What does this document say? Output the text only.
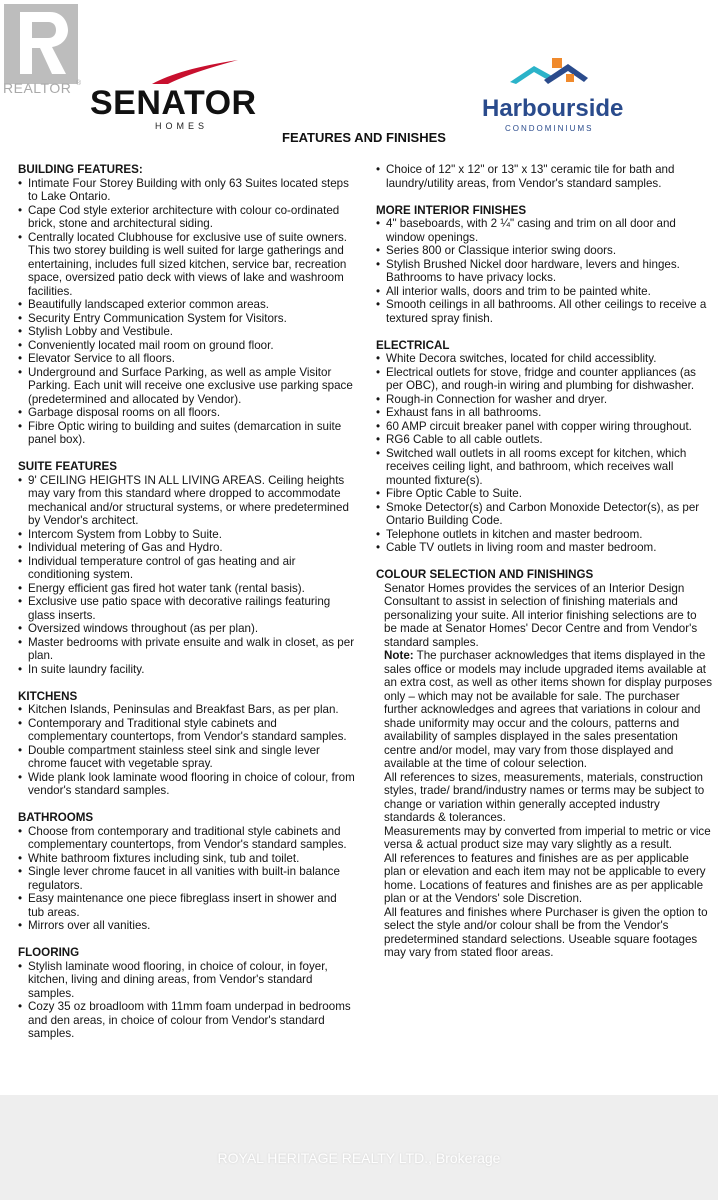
REALTOR ®
SENATOR
HOMES
Harbourside
CONDOMINIUMS
FEATURES AND FINISHES

BUILDING FEATURES:

• Intimate Four Storey Building with only 63 Suites located steps to Lake Ontario.
• Cape Cod style exterior architecture with colour co-ordinated brick, stone and architectural siding.
• Centrally located Clubhouse for exclusive use of suite owners. This two storey building is well suited for large gatherings and entertaining, includes full sized kitchen, service bar, recreation space, oversized patio deck with views of lake and washroom facilities.
• Beautifully landscaped exterior common areas.
• Security Entry Communication System for Visitors.
• Stylish Lobby and Vestibule.
• Conveniently located mail room on ground floor.
• Elevator Service to all floors.
• Underground and Surface Parking, as well as ample Visitor Parking. Each unit will receive one exclusive use parking space (predetermined and allocated by Vendor).
• Garbage disposal rooms on all floors.
• Fibre Optic wiring to building and suites (demarcation in suite panel box).

SUITE FEATURES

• 9' CEILING HEIGHTS IN ALL LIVING AREAS. Ceiling heights may vary from this standard where dropped to accommodate mechanical and/or structural systems, or where predetermined by Vendor's architect.
• Intercom System from Lobby to Suite.
• Individual metering of Gas and Hydro.
• Individual temperature control of gas heating and air conditioning system.
• Energy efficient gas fired hot water tank (rental basis).
• Exclusive use patio space with decorative railings featuring glass inserts.
• Oversized windows throughout (as per plan).
• Master bedrooms with private ensuite and walk in closet, as per plan.
• In suite laundry facility.

KITCHENS

• Kitchen Islands, Peninsulas and Breakfast Bars, as per plan.
• Contemporary and Traditional style cabinets and complementary countertops, from Vendor's standard samples.
• Double compartment stainless steel sink and single lever chrome faucet with vegetable spray.
• Wide plank look laminate wood flooring in choice of colour, from vendor's standard samples.

BATHROOMS

• Choose from contemporary and traditional style cabinets and complementary countertops, from Vendor's standard samples.
• White bathroom fixtures including sink, tub and toilet.
• Single lever chrome faucet in all vanities with built-in balance regulators.
• Easy maintenance one piece fibreglass insert in shower and tub areas.
• Mirrors over all vanities.

FLOORING

• Stylish laminate wood flooring, in choice of colour, in foyer, kitchen, living and dining areas, from Vendor's standard samples.
• Cozy 35 oz broadloom with 11mm foam underpad in bedrooms and den areas, in choice of colour from Vendor's standard samples.
• Choice of 12" x 12" or 13" x 13" ceramic tile for bath and laundry/utility areas, from Vendor's standard samples.

MORE INTERIOR FINISHES

• 4" baseboards, with 2 ¼" casing and trim on all door and window openings.
• Series 800 or Classique interior swing doors.
• Stylish Brushed Nickel door hardware, levers and hinges. Bathrooms to have privacy locks.
• All interior walls, doors and trim to be painted white.
• Smooth ceilings in all bathrooms. All other ceilings to receive a textured spray finish.

ELECTRICAL

• White Decora switches, located for child accessiblity.
• Electrical outlets for stove, fridge and counter appliances (as per OBC), and rough-in wiring and plumbing for dishwasher.
• Rough-in Connection for washer and dryer.
• Exhaust fans in all bathrooms.
• 60 AMP circuit breaker panel with copper wiring throughout.
• RG6 Cable to all cable outlets.
• Switched wall outlets in all rooms except for kitchen, which receives ceiling light, and bathroom, which receives wall mounted fixture(s).
• Fibre Optic Cable to Suite.
• Smoke Detector(s) and Carbon Monoxide Detector(s), as per Ontario Building Code.
• Telephone outlets in kitchen and master bedroom.
• Cable TV outlets in living room and master bedroom.

COLOUR SELECTION AND FINISHINGS

Senator Homes provides the services of an Interior Design Consultant to assist in selection of finishing materials and personalizing your suite. All interior finishing selections are to be made at Senator Homes' Decor Centre and from Vendor's standard samples.
Note: The purchaser acknowledges that items displayed in the sales office or models may include upgraded items available at an extra cost, as well as other items shown for display purposes only – which may not be available for sale. The purchaser further acknowledges and agrees that variations in colour and shade uniformity may occur and the colours, patterns and availability of samples displayed in the sales presentation centre and/or model, may vary from those displayed and available at the time of colour selection.
All references to sizes, measurements, materials, construction styles, trade/ brand/industry names or terms may be subject to change or variation within generally accepted industry standards & tolerances.
Measurements may by converted from imperial to metric or vice versa & actual product size may vary slightly as a result.
All references to features and finishes are as per applicable plan or elevation and each item may not be applicable to every home. Locations of features and finishes are as per applicable plan or at the Vendors' sole Discretion.
All features and finishes where Purchaser is given the option to select the style and/or colour shall be from the Vendor's predetermined standard selections. Useable square footages may vary from stated floor areas.
ROYAL HERITAGE REALTY LTD., Brokerage
